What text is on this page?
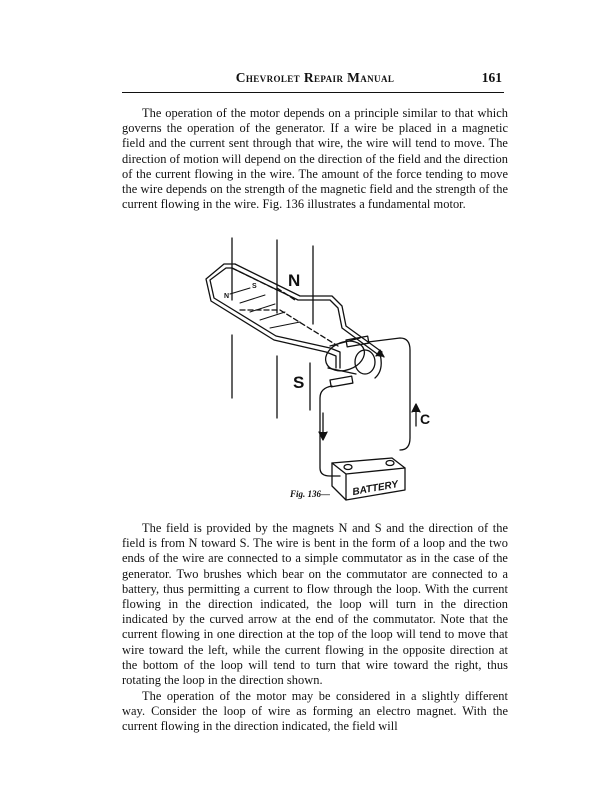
Chevrolet Repair Manual	161

The operation of the motor depends on a principle similar to that which governs the operation of the generator. If a wire be placed in a magnetic field and the current sent through that wire, the wire will tend to move. The direction of motion will depend on the direction of the field and the direction of the current flowing in the wire. The amount of the force tending to move the wire depends on the strength of the magnetic field and the strength of the current flowing in the wire. Fig. 136 illustrates a fundamental motor.

N
S
N
S
C
BATTERY
Fig. 136—

The field is provided by the magnets N and S and the direction of the field is from N toward S. The wire is bent in the form of a loop and the two ends of the wire are connected to a simple commutator as in the case of the generator. Two brushes which bear on the commutator are connected to a battery, thus permitting a current to flow through the loop. With the current flowing in the direction indicated, the loop will turn in the direction indicated by the curved arrow at the end of the commutator. Note that the current flowing in one direction at the top of the loop will tend to move that wire toward the left, while the current flowing in the opposite direction at the bottom of the loop will tend to turn that wire toward the right, thus rotating the loop in the direction shown.

The operation of the motor may be considered in a slightly different way. Consider the loop of wire as forming an electro magnet. With the current flowing in the direction indicated, the field will
